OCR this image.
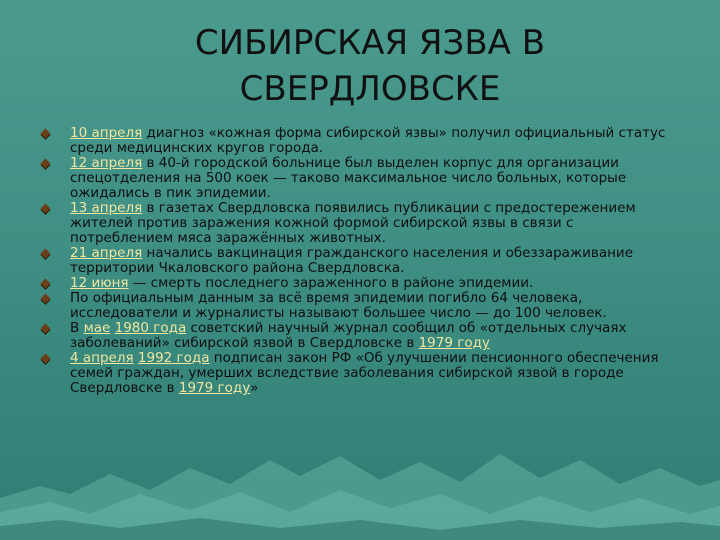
СИБИРСКАЯ ЯЗВА В
СВЕРДЛОВСКЕ
10 апреля диагноз «кожная форма сибирской язвы» получил официальный статус среди медицинских кругов города.
12 апреля в 40-й городской больнице был выделен корпус для организации спецотделения на 500 коек — таково максимальное число больных, которые ожидались в пик эпидемии.
13 апреля в газетах Свердловска появились публикации с предостережением жителей против заражения кожной формой сибирской язвы в связи с потреблением мяса заражённых животных.
21 апреля начались вакцинация гражданского населения и обеззараживание территории Чкаловского района Свердловска.
12 июня — смерть последнего зараженного в районе эпидемии.
По официальным данным за всё время эпидемии погибло 64 человека, исследователи и журналисты называют большее число — до 100 человек.
В мае 1980 года советский научный журнал сообщил об «отдельных случаях заболеваний» сибирской язвой в Свердловске в 1979 году
4 апреля 1992 года подписан закон РФ «Об улучшении пенсионного обеспечения семей граждан, умерших вследствие заболевания сибирской язвой в городе Свердловске в 1979 году»
